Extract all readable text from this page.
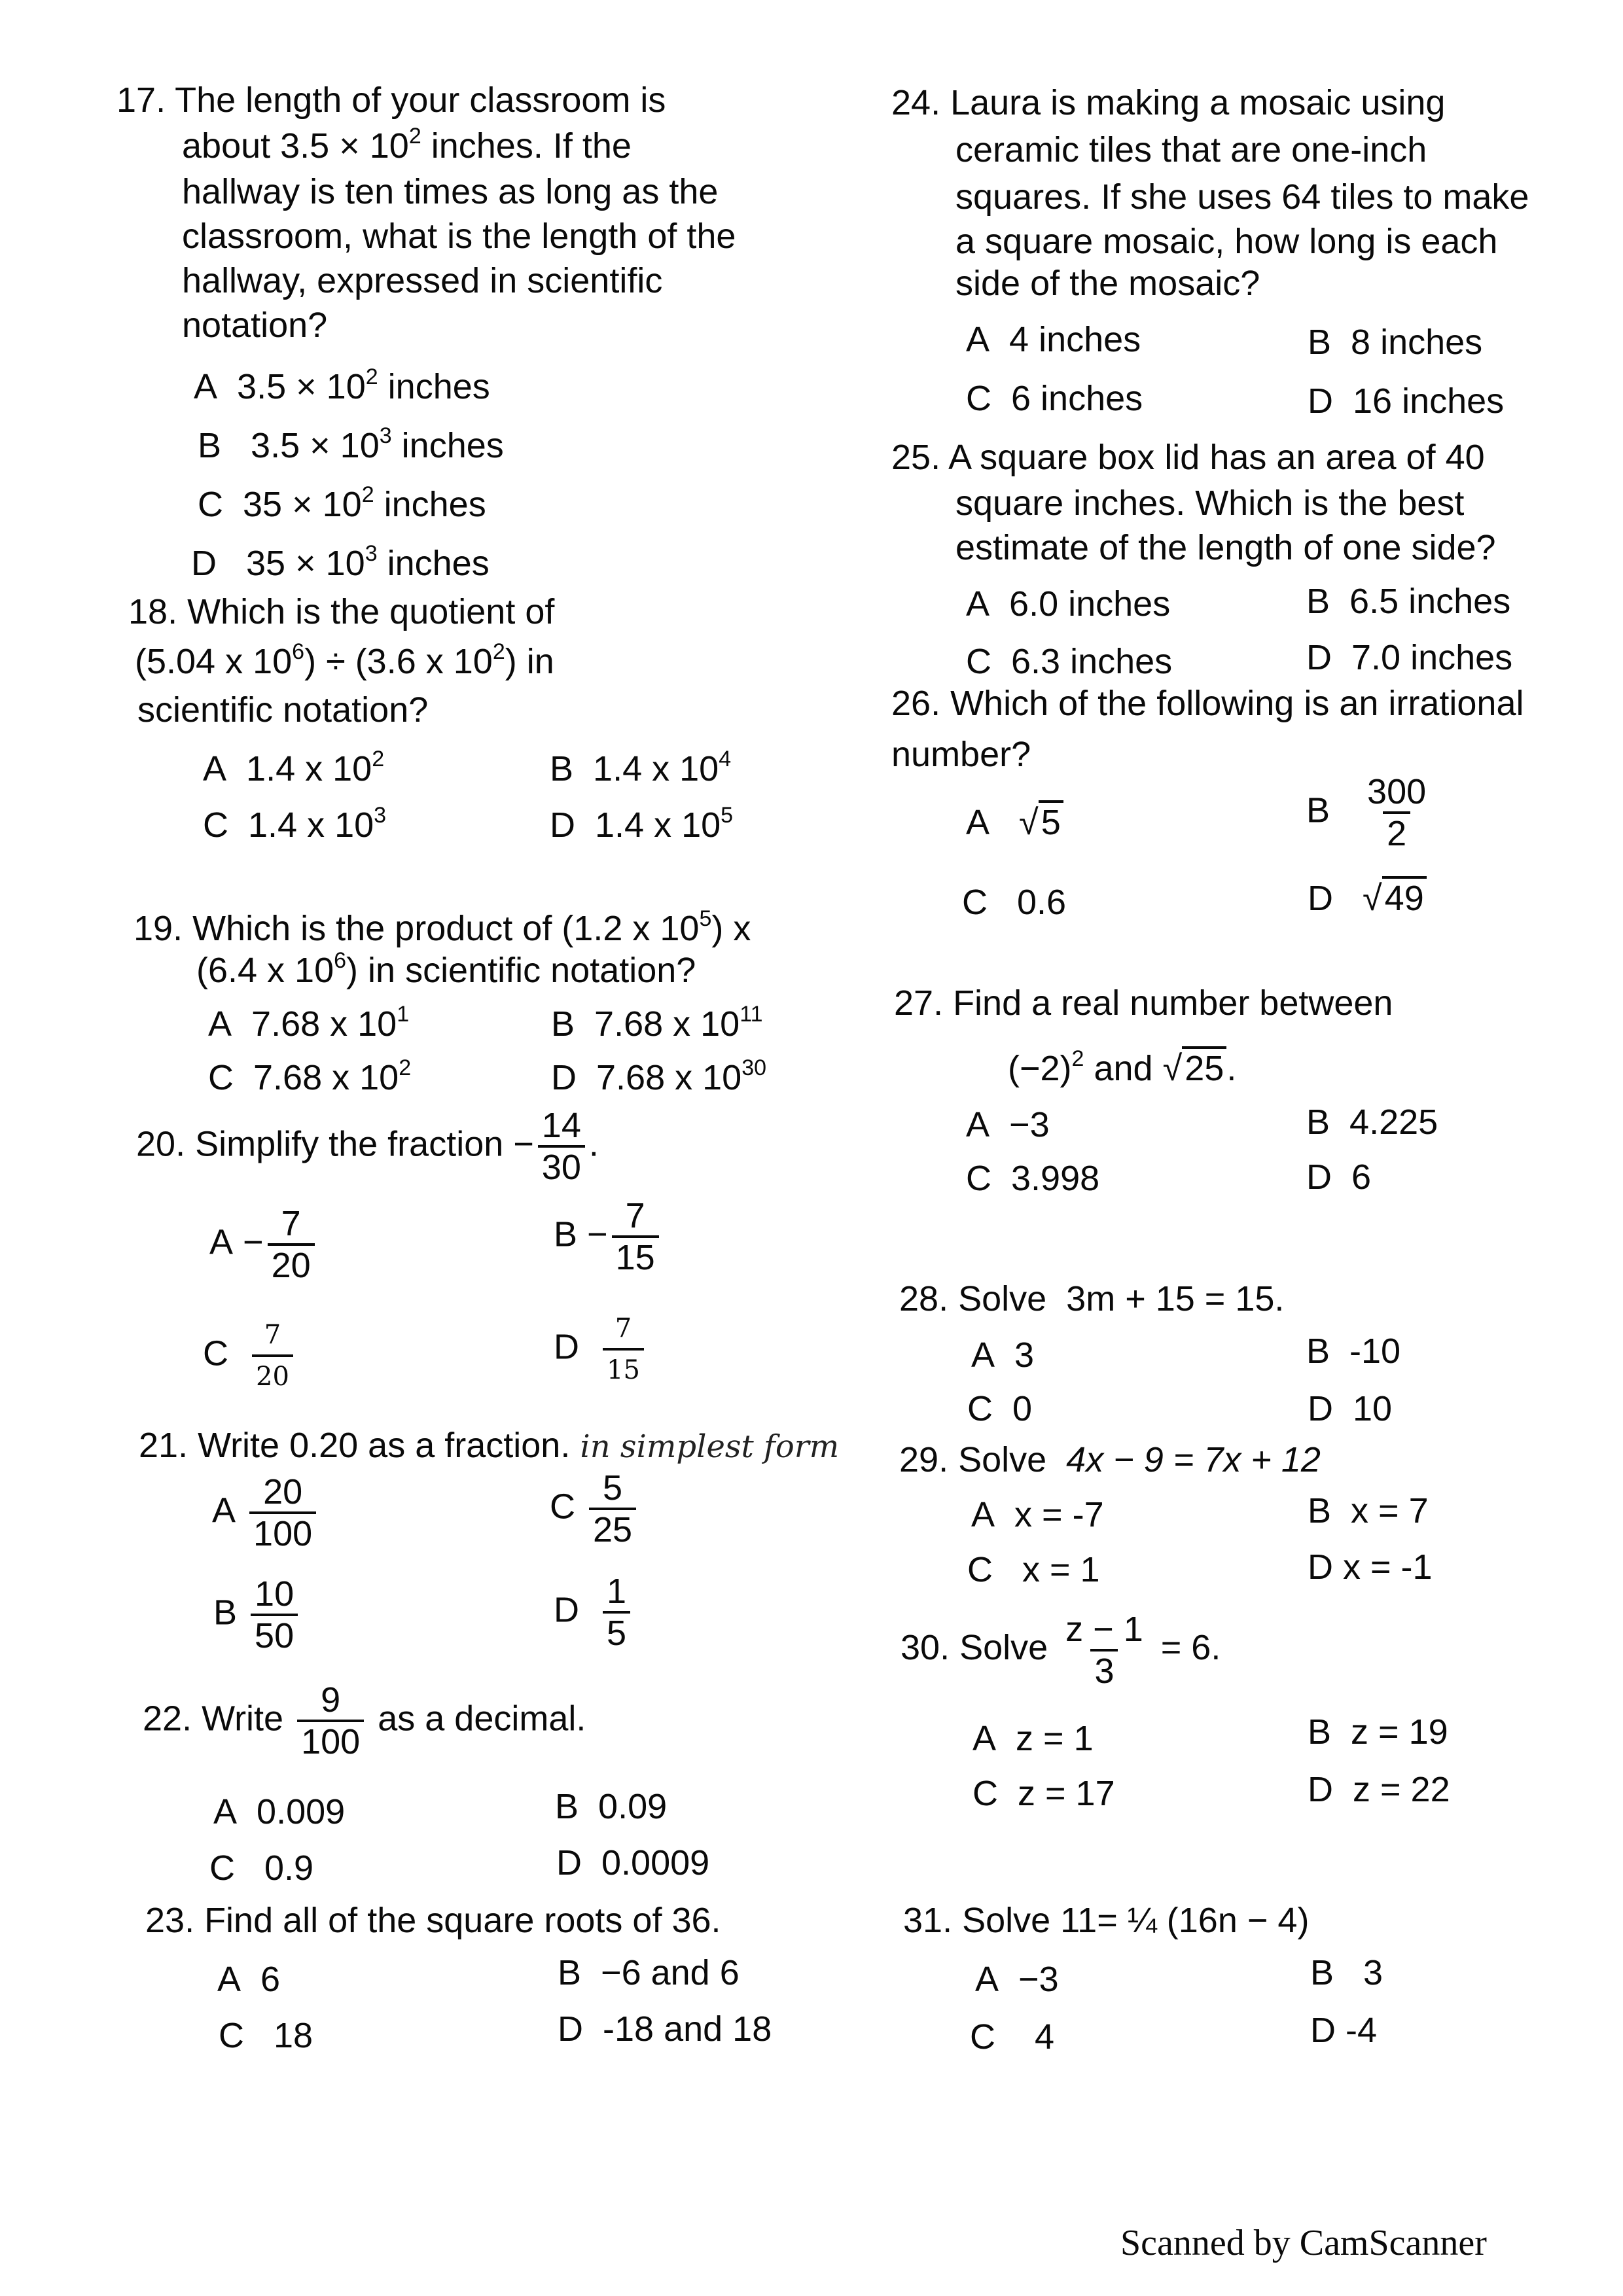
17. The length of your classroom is
about $3.5 \times 10^2$ inches. If the
hallway is ten times as long as the
classroom, what is the length of the
hallway, expressed in scientific
notation?
A $3.5 \times 10^2$ inches
B $3.5 \times 10^3$ inches
C $35 \times 10^2$ inches
D $35 \times 10^3$ inches
18. Which is the quotient of
(5.04 x $10^6) \div (3.6$ x $10^2$) in
scientific notation?
A 1.4 x $10^2$	B 1.4 x $10^4$
C 1.4 x $10^3$	D 1.4 x $10^5$
19. Which is the product of (1.2 x $10^5$) x
(6.4 x $10^6$) in scientific notation?
A 7.68 x $10^1$	B 7.68 x $10^{11}$
C 7.68 x $10^2$	D 7.68 x $10^{30}$
20. Simplify the fraction − $\frac{14}{30}$ .
$A - \frac{7}{20}$	$B - \frac{7}{15}$
C $\frac{7}{20}$	D $\frac{7}{15}$
21. Write 0.20 as a fraction. in simplest form
A $\frac{20}{100}$	C $\frac{5}{25}$
B $\frac{10}{50}$	D $\frac{1}{5}$
22. Write $\frac{9}{100}$ as a decimal.
A 0.009	B 0.09
C 0.9	D 0.0009
23. Find all of the square roots of 36.
A 6	B −6 and 6
C 18	D -18 and 18
24. Laura is making a mosaic using
ceramic tiles that are one-inch
squares. If she uses 64 tiles to make
a square mosaic, how long is each
side of the mosaic?
A 4 inches	B 8 inches
C 6 inches	D 16 inches
25. A square box lid has an area of 40
square inches. Which is the best
estimate of the length of one side?
A 6.0 inches	B 6.5 inches
C 6.3 inches	D 7.0 inches
26. Which of the following is an irrational
number?
A √5	B $\frac{300}{2}$
C 0.6	D √49
27. Find a real number between
$(-2)^2$ and √25.
A −3	B 4.225
C 3.998	D 6
28. Solve 3m + 15 = 15.
A 3	B -10
C 0	D 10
29. Solve 4x − 9 = 7x + 12
A x = -7	B x = 7
C x = 1	D x = -1
30. Solve $\frac{z - 1}{3} = 6$.
A z = 1	B z = 19
C z = 17	D z = 22
31. Solve 11= ¼ (16n − 4)
A −3	B 3
C 4	D -4
Scanned by CamScanner
